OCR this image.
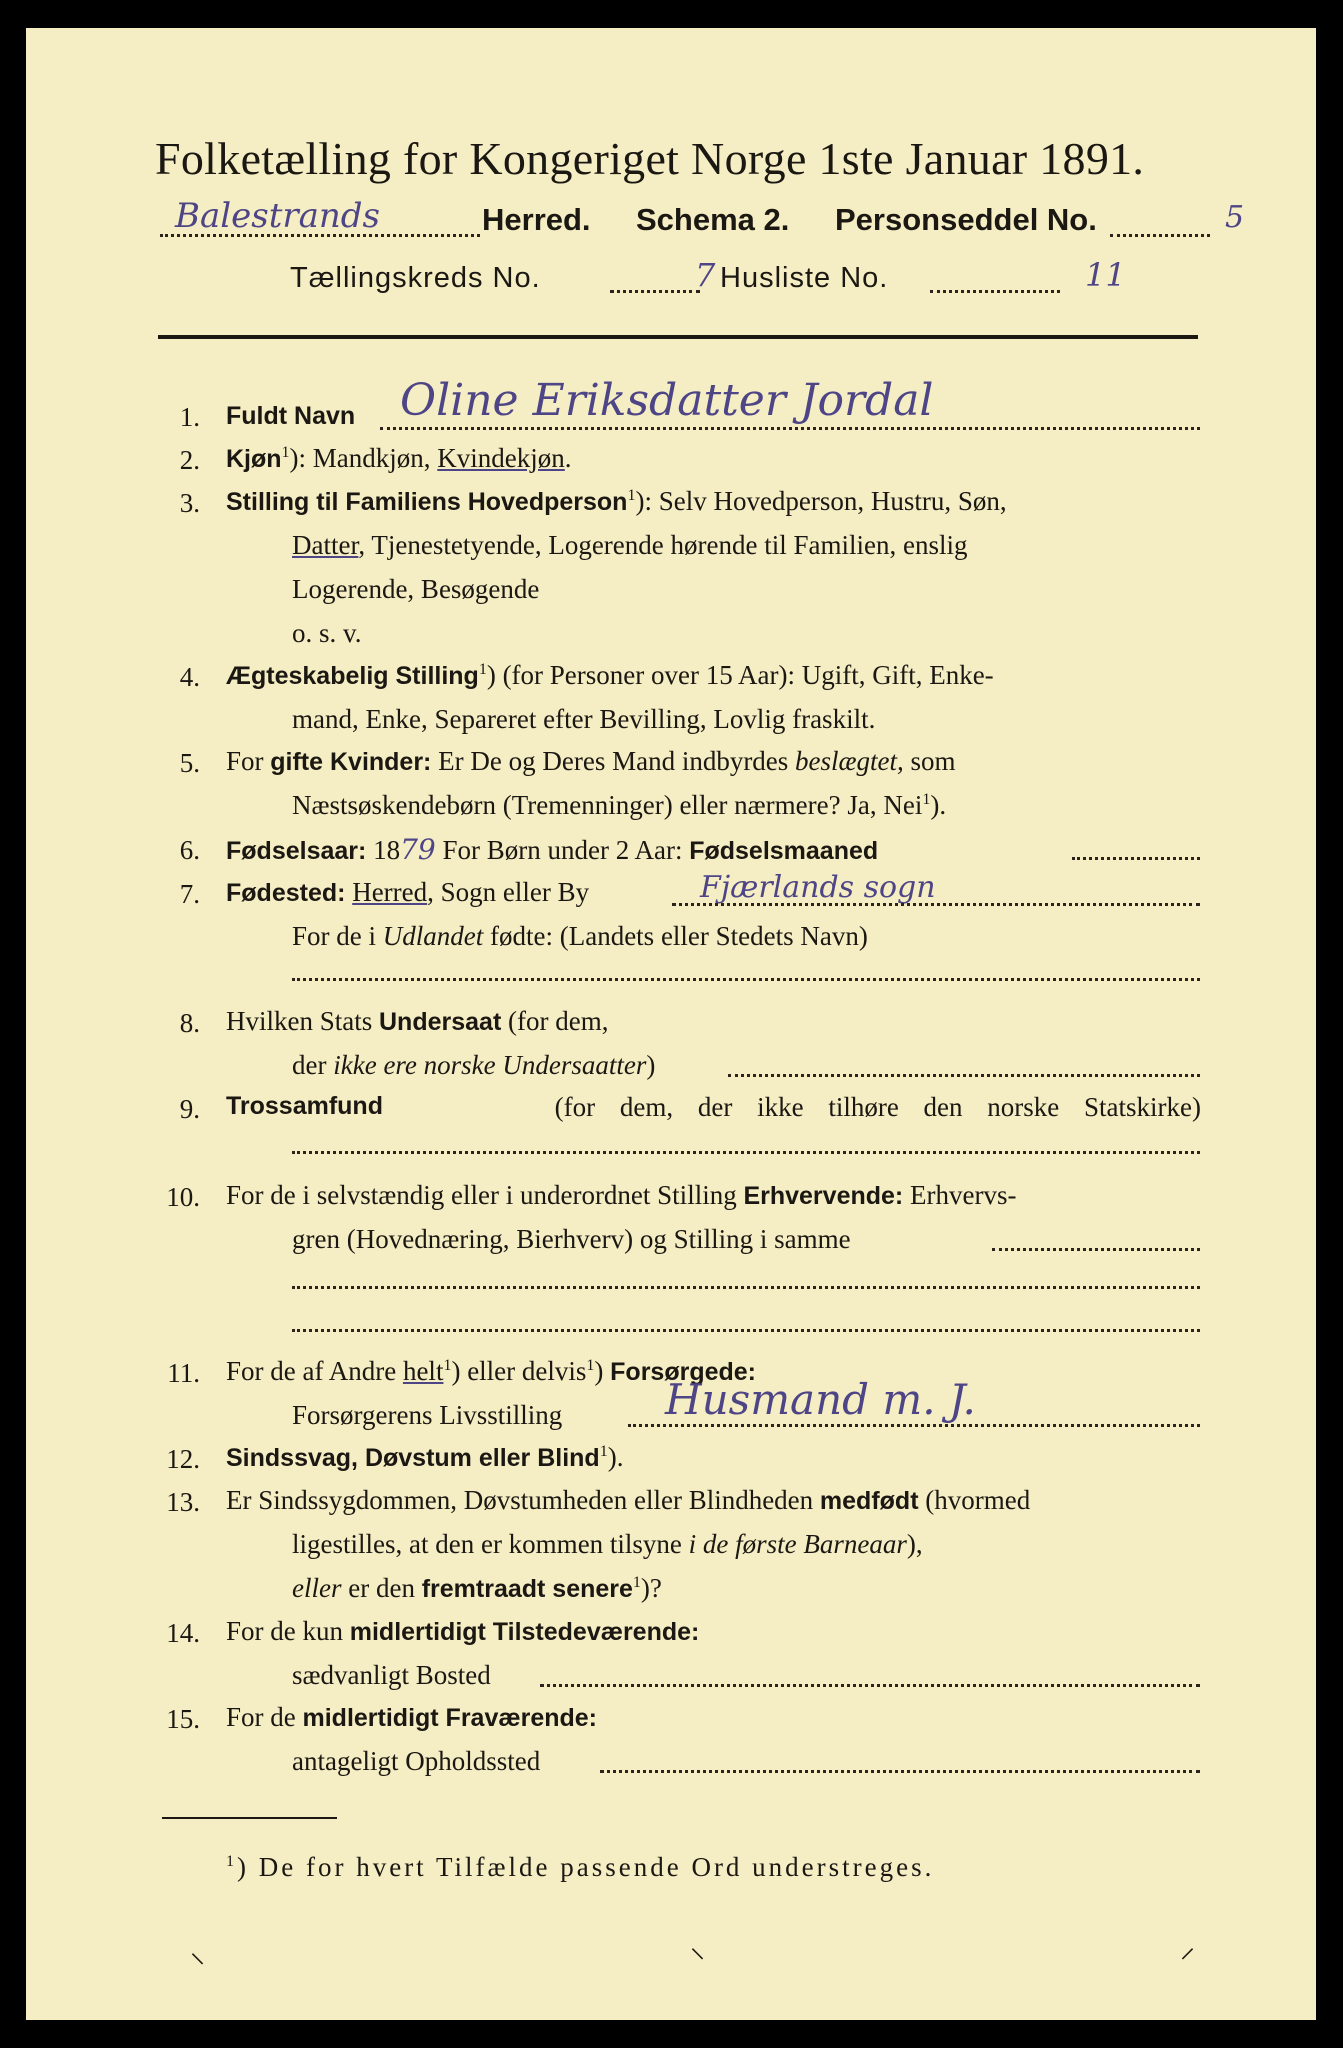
Folketælling for Kongeriget Norge 1ste Januar 1891.
Balestrands	Herred. Schema 2. Personseddel No.	5
Tællingskreds No.	7 Husliste No.	11
1. Fuldt Navn Oline Eriksdatter Jordal
2. Kjøn$^1$): Mandkjøn, Kvindekjøn.
3. Stilling til Familiens Hovedperson$^1$): Selv Hovedperson, Hustru, Søn,
Datter, Tjenestetyende, Logerende hørende til Familien, enslig
Logerende, Besøgende
o. s. v.
4. Ægteskabelig Stilling$^1$) (for Personer over 15 Aar): Ugift, Gift, Enke-
mand, Enke, Separeret efter Bevilling, Lovlig fraskilt.
5. For gifte Kvinder: Er De og Deres Mand indbyrdes beslægtet, som
Næstsøskendebørn (Tremenninger) eller nærmere? Ja, Nei$^1$).
6. Fødselsaar: 1879 For Børn under 2 Aar: Fødselsmaaned
7. Fødested: Herred, Sogn eller By	Fjærlands sogn
For de i Udlandet fødte: (Landets eller Stedets Navn)
8. Hvilken Stats Undersaat (for dem,
der ikke ere norske Undersaatter)
9. Trossamfund	(for dem, der ikke tilhøre den norske Statskirke)
10. For de i selvstændig eller i underordnet Stilling Erhvervende: Erhvervs-
gren (Hovednæring, Bierhverv) og Stilling i samme
11. For de af Andre helt$^1$) eller delvis$^1$) Forsørgede:
Forsørgerens Livsstilling Husmand m. J.
12. Sindssvag, Døvstum eller Blind$^1$).
13. Er Sindssygdommen, Døvstumheden eller Blindheden medfødt (hvormed
ligestilles, at den er kommen tilsyne i de første Barneaar),
eller er den fremtraadt senere$^1$)?
14. For de kun midlertidigt Tilstedeværende:
sædvanligt Bosted
15. For de midlertidigt Fraværende:
antageligt Opholdssted
$^1$) De for hvert Tilfælde passende Ord understreges.
⸜	⸜	⸝
